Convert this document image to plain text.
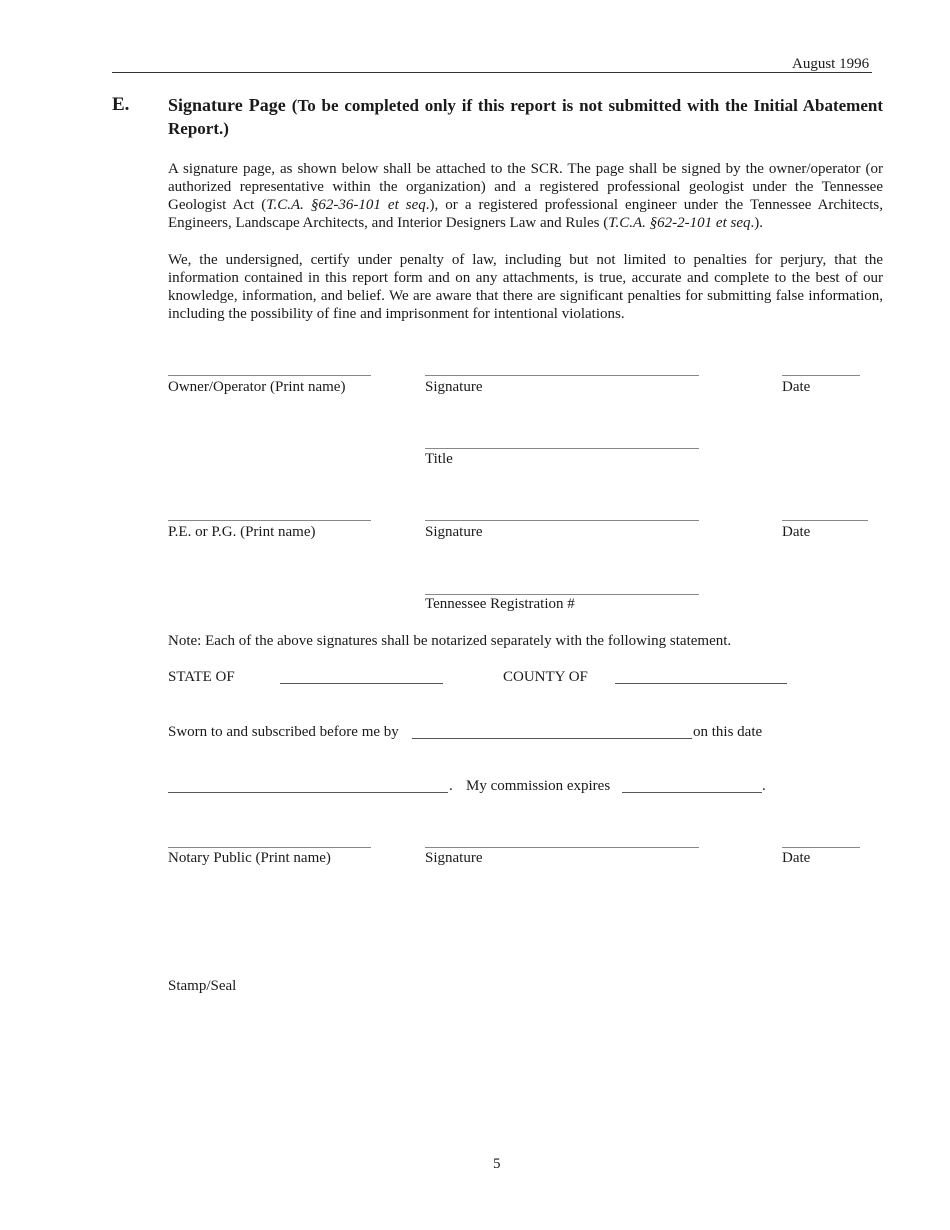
August 1996
E. Signature Page (To be completed only if this report is not submitted with the Initial Abatement Report.)
A signature page, as shown below shall be attached to the SCR. The page shall be signed by the owner/operator (or authorized representative within the organization) and a registered professional geologist under the Tennessee Geologist Act (T.C.A. §62-36-101 et seq.), or a registered professional engineer under the Tennessee Architects, Engineers, Landscape Architects, and Interior Designers Law and Rules (T.C.A. §62-2-101 et seq.).
We, the undersigned, certify under penalty of law, including but not limited to penalties for perjury, that the information contained in this report form and on any attachments, is true, accurate and complete to the best of our knowledge, information, and belief. We are aware that there are significant penalties for submitting false information, including the possibility of fine and imprisonment for intentional violations.
Owner/Operator (Print name)	Signature	Date
Title
P.E. or P.G. (Print name)	Signature	Date
Tennessee Registration #
Note: Each of the above signatures shall be notarized separately with the following statement.
STATE OF	COUNTY OF
Sworn to and subscribed before me by	on this date
. My commission expires	.
Notary Public (Print name)	Signature	Date
Stamp/Seal
5
